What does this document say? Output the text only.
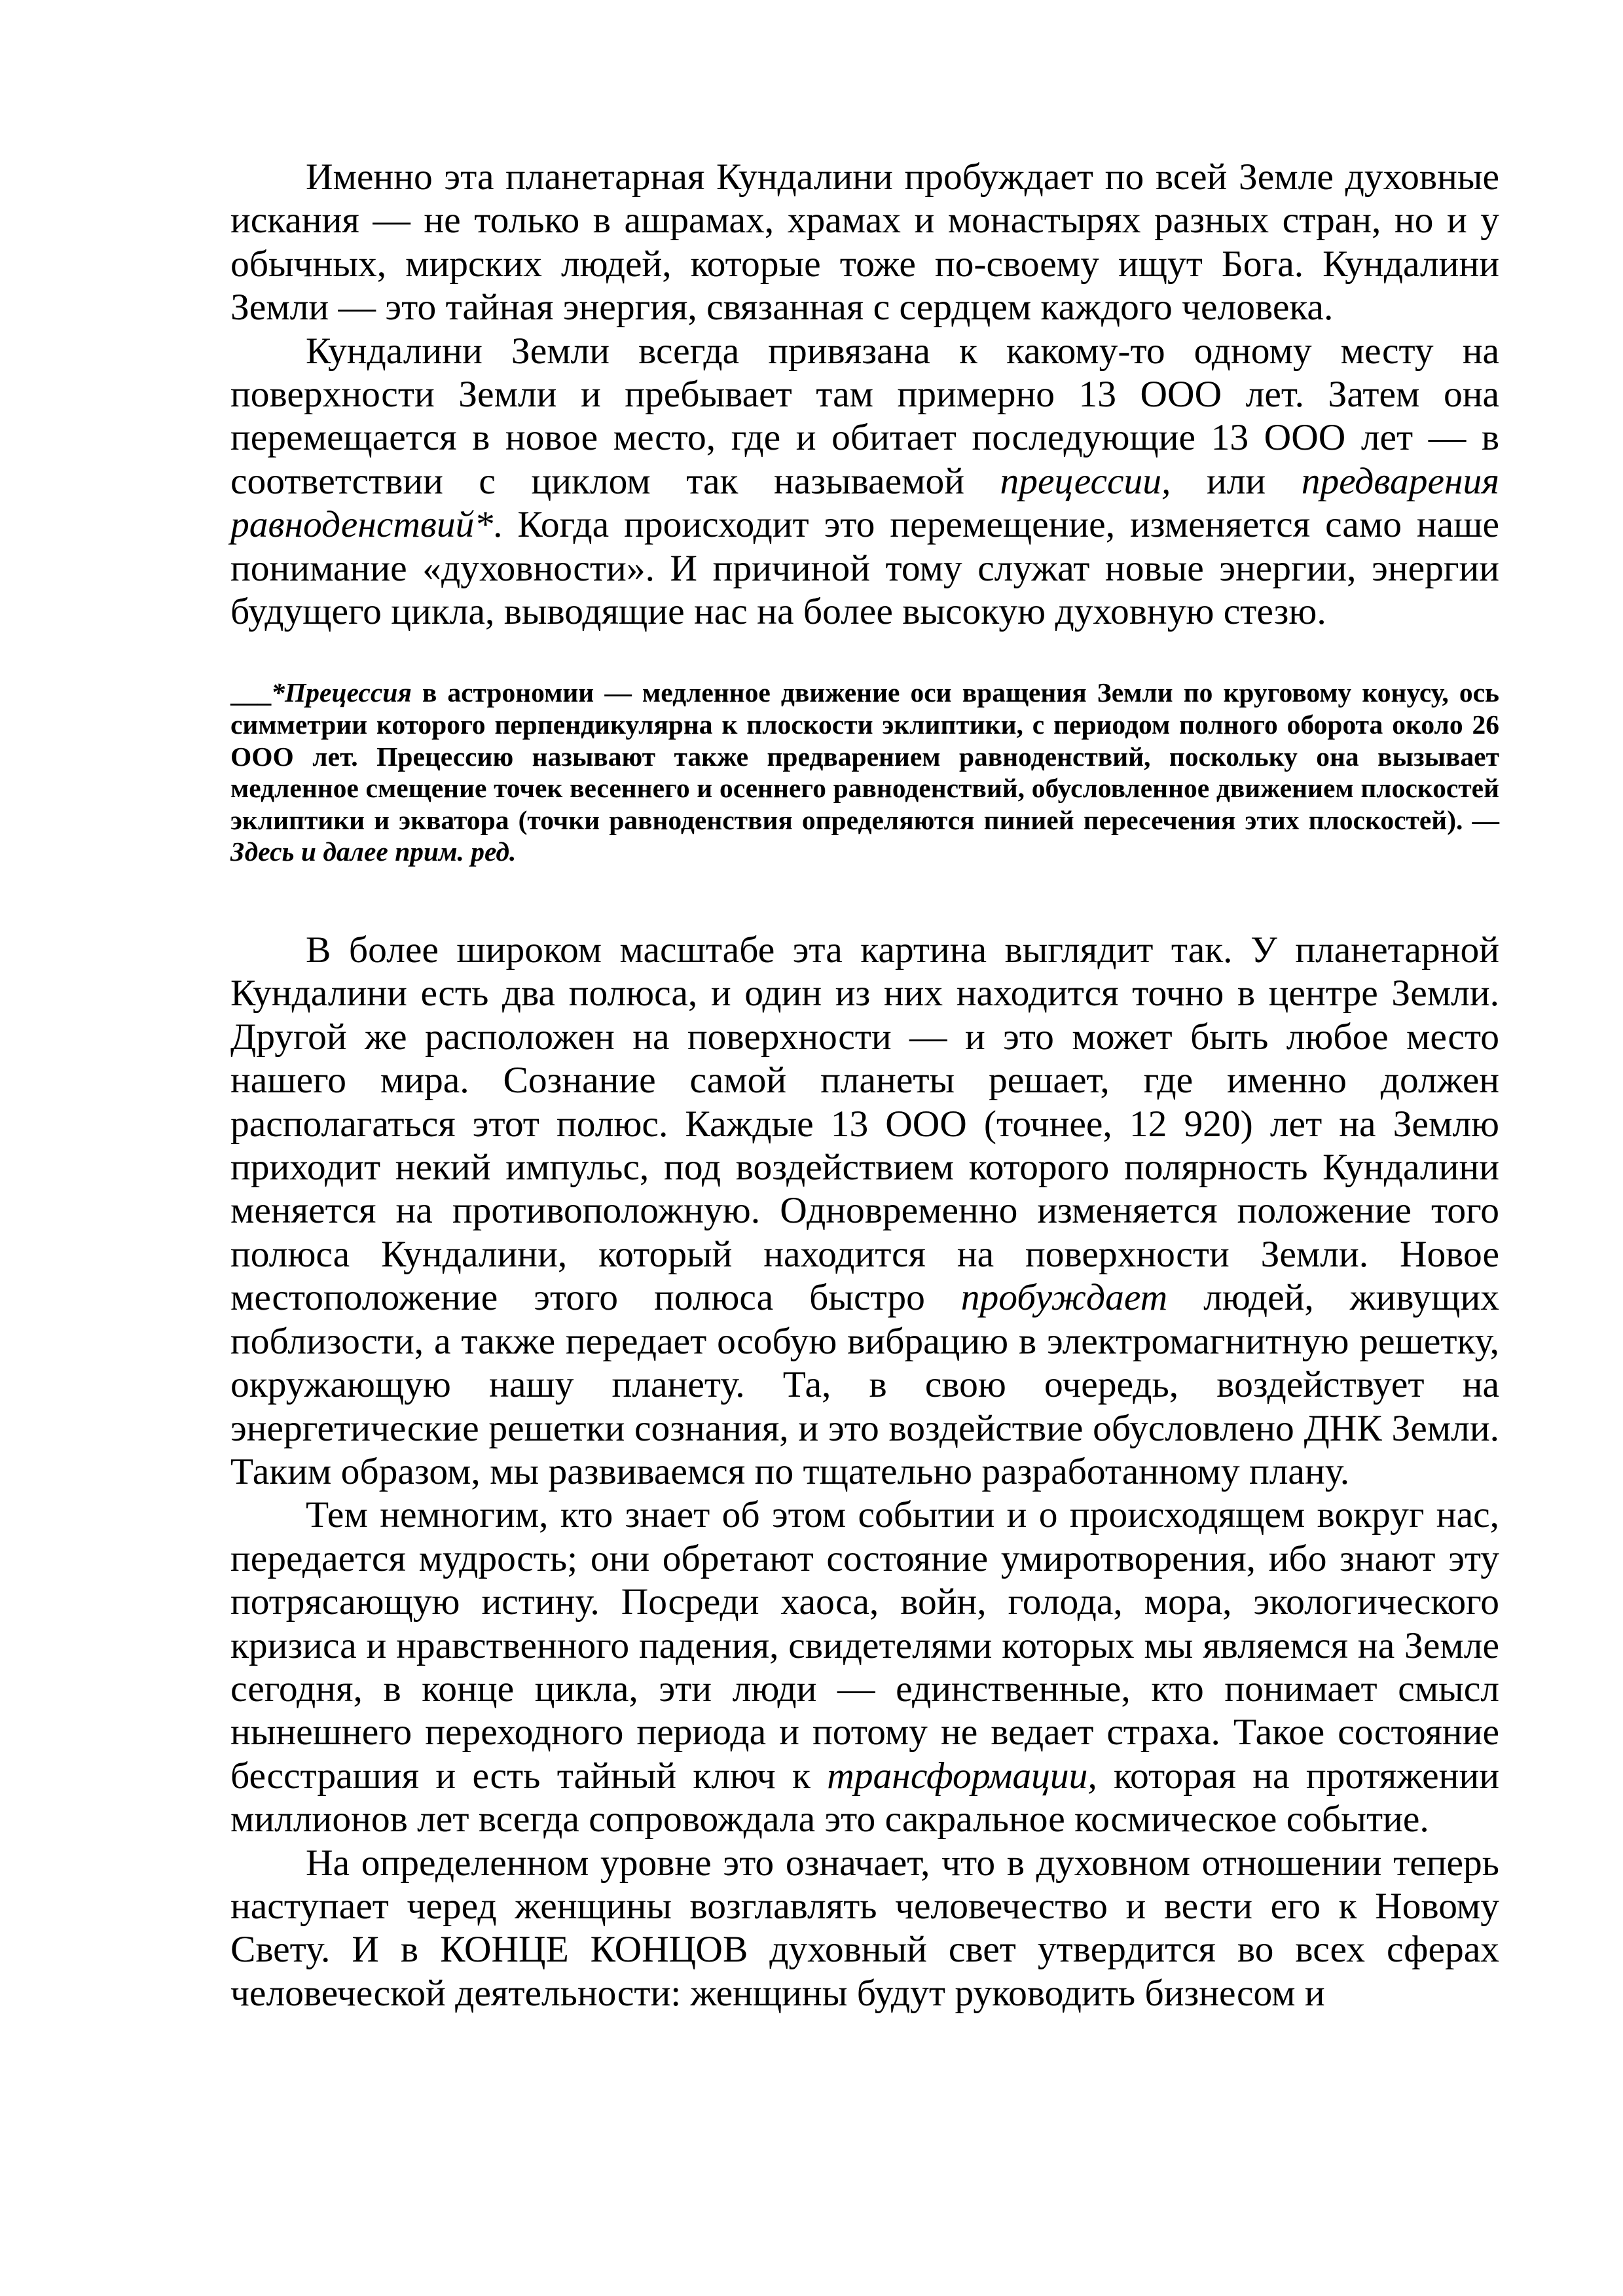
Именно эта планетарная Кундалини пробуждает по всей Земле духовные искания — не только в ашрамах, храмах и монастырях разных стран, но и у обычных, мирских людей, которые тоже по-своему ищут Бога. Кундалини Земли — это тайная энергия, связанная с сердцем каждого человека.

Кундалини Земли всегда привязана к какому-то одному месту на поверхности Земли и пребывает там примерно 13 ООО лет. Затем она перемещается в новое место, где и обитает последующие 13 ООО лет — в соответствии с циклом так называемой прецессии, или предварения равноденствий*. Когда происходит это перемещение, изменяется само наше понимание «духовности». И причиной тому служат новые энергии, энергии будущего цикла, выводящие нас на более высокую духовную стезю.

___*Прецессия в астрономии — медленное движение оси вращения Земли по круговому конусу, ось симметрии которого перпендикулярна к плоскости эклиптики, с периодом полного оборота около 26 ООО лет. Прецессию называют также предварением равноденствий, поскольку она вызывает медленное смещение точек весеннего и осеннего равноденствий, обусловленное движением плоскостей эклиптики и экватора (точки равноденствия определяются пинией пересечения этих плоскостей). — Здесь и далее прим. ред.

В более широком масштабе эта картина выглядит так. У планетарной Кундалини есть два полюса, и один из них находится точно в центре Земли. Другой же расположен на поверхности — и это может быть любое место нашего мира. Сознание самой планеты решает, где именно должен располагаться этот полюс. Каждые 13 ООО (точнее, 12 920) лет на Землю приходит некий импульс, под воздействием которого полярность Кундалини меняется на противоположную. Одновременно изменяется положение того полюса Кундалини, который находится на поверхности Земли. Новое местоположение этого полюса быстро пробуждает людей, живущих поблизости, а также передает особую вибрацию в электромагнитную решетку, окружающую нашу планету. Та, в свою очередь, воздействует на энергетические решетки сознания, и это воздействие обусловлено ДНК Земли. Таким образом, мы развиваемся по тщательно разработанному плану.

Тем немногим, кто знает об этом событии и о происходящем вокруг нас, передается мудрость; они обретают состояние умиротворения, ибо знают эту потрясающую истину. Посреди хаоса, войн, голода, мора, экологического кризиса и нравственного падения, свидетелями которых мы являемся на Земле сегодня, в конце цикла, эти люди — единственные, кто понимает смысл нынешнего переходного периода и потому не ведает страха. Такое состояние бесстрашия и есть тайный ключ к трансформации, которая на протяжении миллионов лет всегда сопровождала это сакральное космическое событие.

На определенном уровне это означает, что в духовном отношении теперь наступает черед женщины возглавлять человечество и вести его к Новому Свету. И в КОНЦЕ КОНЦОВ духовный свет утвердится во всех сферах человеческой деятельности: женщины будут руководить бизнесом и
